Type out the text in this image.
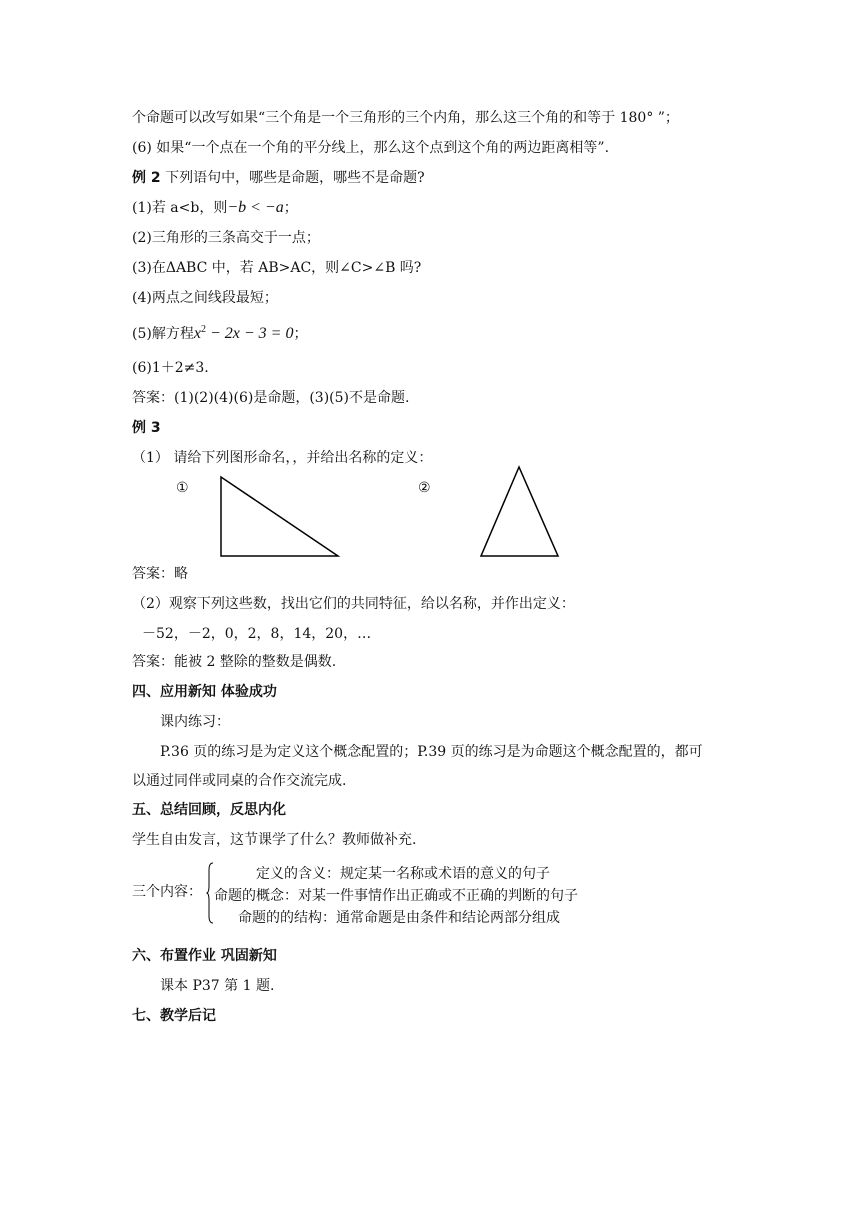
个命题可以改写如果“三个角是一个三角形的三个内角，那么这三个角的和等于 180° ”；
(6) 如果“一个点在一个角的平分线上，那么这个点到这个角的两边距离相等”.
例 2 下列语句中，哪些是命题，哪些不是命题?
(1)若 a<b，则−b < −a；
(2)三角形的三条高交于一点；
(3)在ΔABC 中，若 AB>AC，则∠C>∠B 吗?
(4)两点之间线段最短；
(5)解方程$x^2 - 2x - 3 = 0$；
(6)1＋2≠3.
答案：(1)(2)(4)(6)是命题，(3)(5)不是命题.
例 3
（1） 请给下列图形命名，，并给出名称的定义：
①	②
答案：略
（2）观察下列这些数，找出它们的共同特征，给以名称，并作出定义：
－52，－2，0，2，8，14，20，…
答案：能被 2 整除的整数是偶数.
四、应用新知 体验成功
课内练习：
P.36 页的练习是为定义这个概念配置的；P.39 页的练习是为命题这个概念配置的，都可
以通过同伴或同桌的合作交流完成.
五、总结回顾，反思内化
学生自由发言，这节课学了什么？教师做补充.
三个内容：
定义的含义：规定某一名称或术语的意义的句子
命题的概念：对某一件事情作出正确或不正确的判断的句子
命题的的结构：通常命题是由条件和结论两部分组成
六、布置作业 巩固新知
课本 P37 第 1 题.
七、教学后记
